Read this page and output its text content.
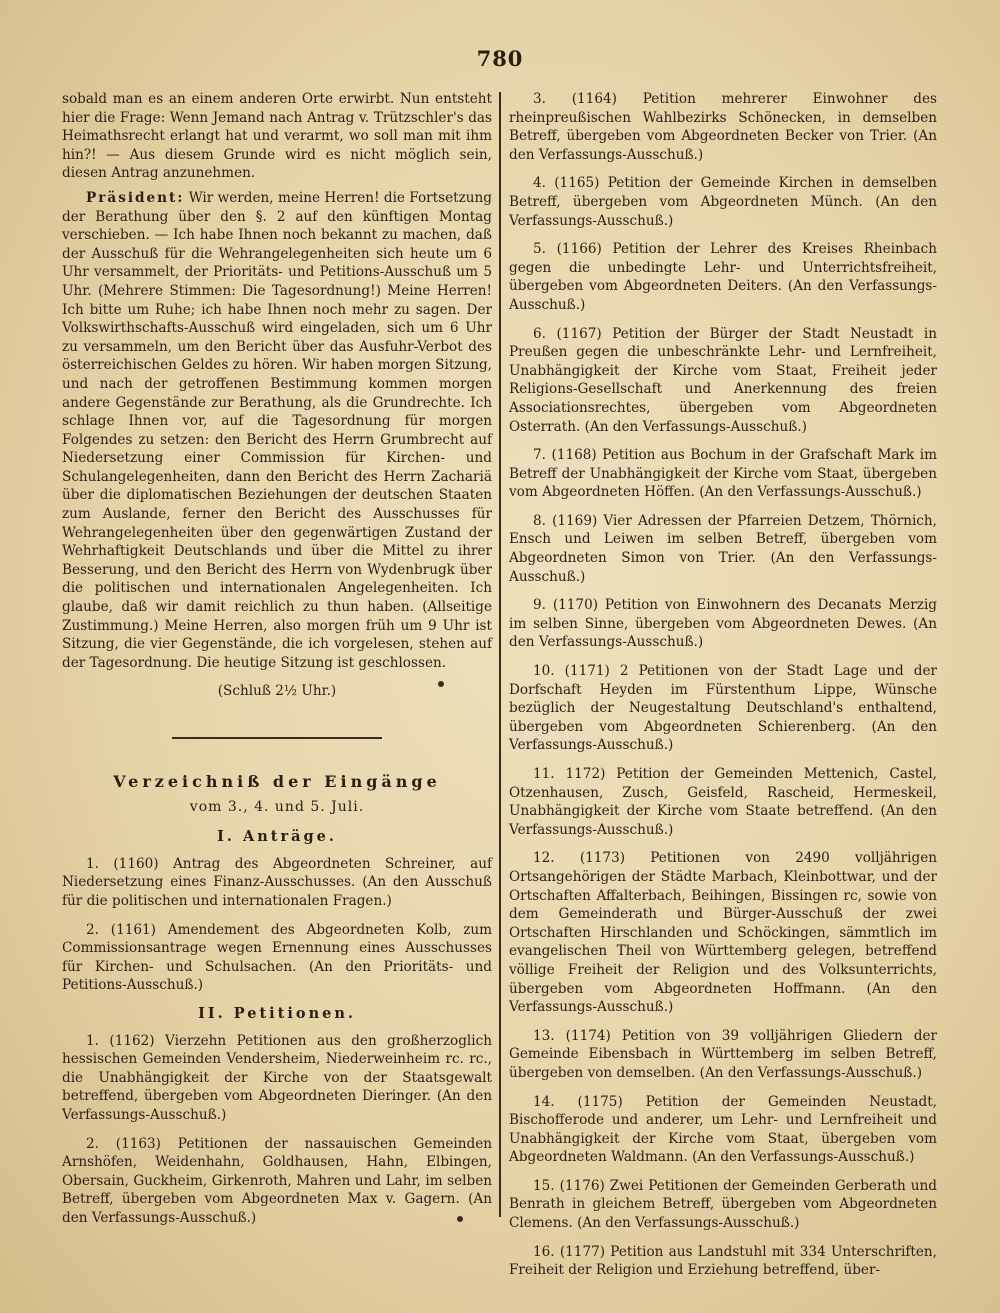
780

sobald man es an einem anderen Orte erwirbt. Nun entsteht hier die Frage: Wenn Jemand nach Antrag v. Trützschler's das Heimathsrecht erlangt hat und verarmt, wo soll man mit ihm hin?! — Aus diesem Grunde wird es nicht möglich sein, diesen Antrag anzunehmen.

Präsident: Wir werden, meine Herren! die Fortsetzung der Berathung über den §. 2 auf den künftigen Montag verschieben. — Ich habe Ihnen noch bekannt zu machen, daß der Ausschuß für die Wehrangelegenheiten sich heute um 6 Uhr versammelt, der Prioritäts- und Petitions-Ausschuß um 5 Uhr. (Mehrere Stimmen: Die Tagesordnung!) Meine Herren! Ich bitte um Ruhe; ich habe Ihnen noch mehr zu sagen. Der Volkswirthschafts-Ausschuß wird eingeladen, sich um 6 Uhr zu versammeln, um den Bericht über das Ausfuhr-Verbot des österreichischen Geldes zu hören. Wir haben morgen Sitzung, und nach der getroffenen Bestimmung kommen morgen andere Gegenstände zur Berathung, als die Grundrechte. Ich schlage Ihnen vor, auf die Tagesordnung für morgen Folgendes zu setzen: den Bericht des Herrn Grumbrecht auf Niedersetzung einer Commission für Kirchen- und Schulangelegenheiten, dann den Bericht des Herrn Zachariä über die diplomatischen Beziehungen der deutschen Staaten zum Auslande, ferner den Bericht des Ausschusses für Wehrangelegenheiten über den gegenwärtigen Zustand der Wehrhaftigkeit Deutschlands und über die Mittel zu ihrer Besserung, und den Bericht des Herrn von Wydenbrugk über die politischen und internationalen Angelegenheiten. Ich glaube, daß wir damit reichlich zu thun haben. (Allseitige Zustimmung.) Meine Herren, also morgen früh um 9 Uhr ist Sitzung, die vier Gegenstände, die ich vorgelesen, stehen auf der Tagesordnung. Die heutige Sitzung ist geschlossen.

(Schluß 2½ Uhr.)

Verzeichniß der Eingänge

vom 3., 4. und 5. Juli.

I. Anträge.

1. (1160) Antrag des Abgeordneten Schreiner, auf Niedersetzung eines Finanz-Ausschusses. (An den Ausschuß für die politischen und internationalen Fragen.)

2. (1161) Amendement des Abgeordneten Kolb, zum Commissionsantrage wegen Ernennung eines Ausschusses für Kirchen- und Schulsachen. (An den Prioritäts- und Petitions-Ausschuß.)

II. Petitionen.

1. (1162) Vierzehn Petitionen aus den großherzoglich hessischen Gemeinden Vendersheim, Niederweinheim rc. rc., die Unabhängigkeit der Kirche von der Staatsgewalt betreffend, übergeben vom Abgeordneten Dieringer. (An den Verfassungs-Ausschuß.)

2. (1163) Petitionen der nassauischen Gemeinden Arnshöfen, Weidenhahn, Goldhausen, Hahn, Elbingen, Obersain, Guckheim, Girkenroth, Mahren und Lahr, im selben Betreff, übergeben vom Abgeordneten Max v. Gagern. (An den Verfassungs-Ausschuß.)

3. (1164) Petition mehrerer Einwohner des rheinpreußischen Wahlbezirks Schönecken, in demselben Betreff, übergeben vom Abgeordneten Becker von Trier. (An den Verfassungs-Ausschuß.)

4. (1165) Petition der Gemeinde Kirchen in demselben Betreff, übergeben vom Abgeordneten Münch. (An den Verfassungs-Ausschuß.)

5. (1166) Petition der Lehrer des Kreises Rheinbach gegen die unbedingte Lehr- und Unterrichtsfreiheit, übergeben vom Abgeordneten Deiters. (An den Verfassungs-Ausschuß.)

6. (1167) Petition der Bürger der Stadt Neustadt in Preußen gegen die unbeschränkte Lehr- und Lernfreiheit, Unabhängigkeit der Kirche vom Staat, Freiheit jeder Religions-Gesellschaft und Anerkennung des freien Associationsrechtes, übergeben vom Abgeordneten Osterrath. (An den Verfassungs-Ausschuß.)

7. (1168) Petition aus Bochum in der Grafschaft Mark im Betreff der Unabhängigkeit der Kirche vom Staat, übergeben vom Abgeordneten Höffen. (An den Verfassungs-Ausschuß.)

8. (1169) Vier Adressen der Pfarreien Detzem, Thörnich, Ensch und Leiwen im selben Betreff, übergeben vom Abgeordneten Simon von Trier. (An den Verfassungs-Ausschuß.)

9. (1170) Petition von Einwohnern des Decanats Merzig im selben Sinne, übergeben vom Abgeordneten Dewes. (An den Verfassungs-Ausschuß.)

10. (1171) 2 Petitionen von der Stadt Lage und der Dorfschaft Heyden im Fürstenthum Lippe, Wünsche bezüglich der Neugestaltung Deutschland's enthaltend, übergeben vom Abgeordneten Schierenberg. (An den Verfassungs-Ausschuß.)

11. 1172) Petition der Gemeinden Mettenich, Castel, Otzenhausen, Zusch, Geisfeld, Rascheid, Hermeskeil, Unabhängigkeit der Kirche vom Staate betreffend. (An den Verfassungs-Ausschuß.)

12. (1173) Petitionen von 2490 volljährigen Ortsangehörigen der Städte Marbach, Kleinbottwar, und der Ortschaften Affalterbach, Beihingen, Bissingen rc, sowie von dem Gemeinderath und Bürger-Ausschuß der zwei Ortschaften Hirschlanden und Schöckingen, sämmtlich im evangelischen Theil von Württemberg gelegen, betreffend völlige Freiheit der Religion und des Volksunterrichts, übergeben vom Abgeordneten Hoffmann. (An den Verfassungs-Ausschuß.)

13. (1174) Petition von 39 volljährigen Gliedern der Gemeinde Eibensbach in Württemberg im selben Betreff, übergeben von demselben. (An den Verfassungs-Ausschuß.)

14. (1175) Petition der Gemeinden Neustadt, Bischofferode und anderer, um Lehr- und Lernfreiheit und Unabhängigkeit der Kirche vom Staat, übergeben vom Abgeordneten Waldmann. (An den Verfassungs-Ausschuß.)

15. (1176) Zwei Petitionen der Gemeinden Gerberath und Benrath in gleichem Betreff, übergeben vom Abgeordneten Clemens. (An den Verfassungs-Ausschuß.)

16. (1177) Petition aus Landstuhl mit 334 Unterschriften, Freiheit der Religion und Erziehung betreffend, über-
